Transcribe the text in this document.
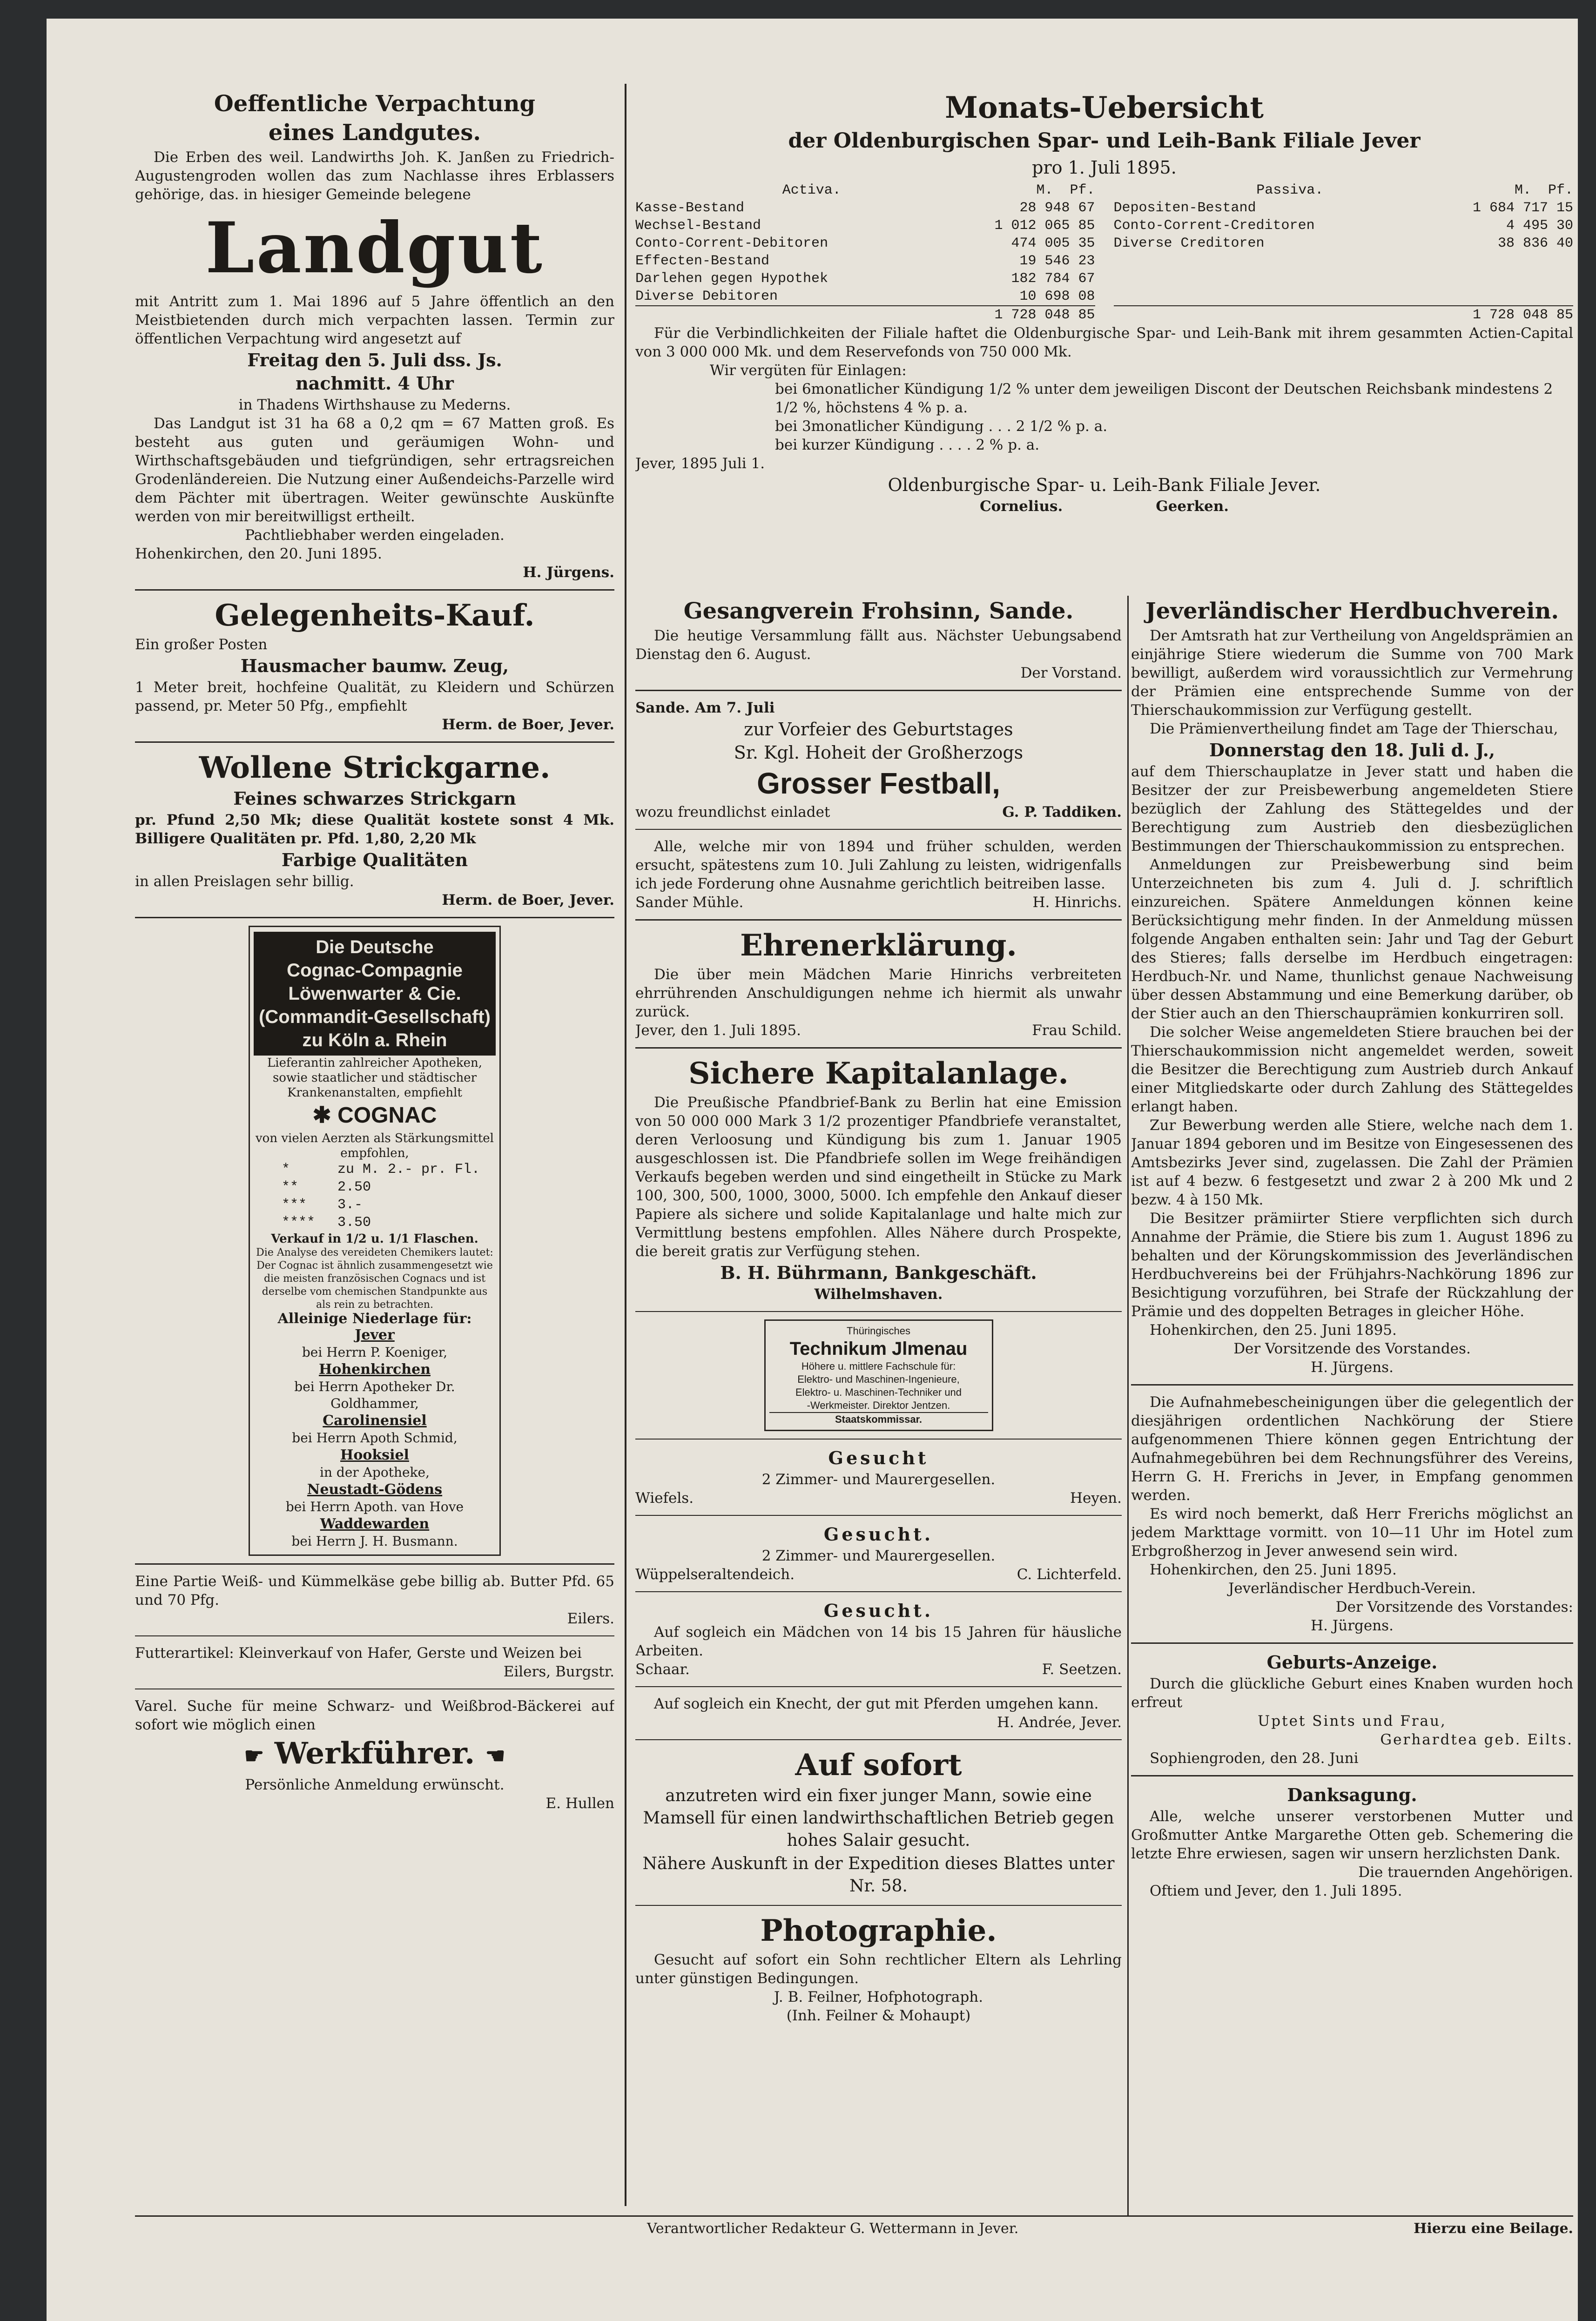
Oeffentliche Verpachtung

eines Landgutes.

Die Erben des weil. Landwirths Joh. K. Janßen zu Friedrich-Augustengroden wollen das zum Nachlasse ihres Erblassers gehörige, das. in hiesiger Gemeinde belegene

Landgut

mit Antritt zum 1. Mai 1896 auf 5 Jahre öffentlich an den Meistbietenden durch mich verpachten lassen. Termin zur öffentlichen Verpachtung wird angesetzt auf

Freitag den 5. Juli dss. Js.

nachmitt. 4 Uhr

in Thadens Wirthshause zu Mederns.

Das Landgut ist 31 ha 68 a 0,2 qm = 67 Matten groß. Es besteht aus guten und geräumigen Wohn- und Wirthschaftsgebäuden und tiefgründigen, sehr ertragsreichen Grodenländereien. Die Nutzung einer Außendeichs-Parzelle wird dem Pächter mit übertragen. Weiter gewünschte Auskünfte werden von mir bereitwilligst ertheilt.

Pachtliebhaber werden eingeladen.

Hohenkirchen, den 20. Juni 1895.

H. Jürgens.

Gelegenheits-Kauf.

Ein großer Posten

Hausmacher baumw. Zeug,

1 Meter breit, hochfeine Qualität, zu Kleidern und Schürzen passend, pr. Meter 50 Pfg., empfiehlt

Herm. de Boer, Jever.

Wollene Strickgarne.

Feines schwarzes Strickgarn

pr. Pfund 2,50 Mk; diese Qualität kostete sonst 4 Mk. Billigere Qualitäten pr. Pfd. 1,80, 2,20 Mk

Farbige Qualitäten

in allen Preislagen sehr billig.

Herm. de Boer, Jever.

Die Deutsche
Cognac-Compagnie
Löwenwarter & Cie.
(Commandit-Gesellschaft)
zu Köln a. Rhein

Lieferantin zahlreicher Apotheken, sowie staatlicher und städtischer Krankenanstalten, empfiehlt

✱ COGNAC

von vielen Aerzten als Stärkungsmittel empfohlen,

*	zu M. 2.- pr. Fl.
**	2.50
*** 3.-
**** 3.50

Verkauf in 1/2 u. 1/1 Flaschen.

Die Analyse des vereideten Chemikers lautet: Der Cognac ist ähnlich zusammengesetzt wie die meisten französischen Cognacs und ist derselbe vom chemischen Standpunkte aus als rein zu betrachten.

Alleinige Niederlage für:

Jever

bei Herrn P. Koeniger,

Hohenkirchen

bei Herrn Apotheker Dr. Goldhammer,

Carolinensiel

bei Herrn Apoth Schmid,

Hooksiel

in der Apotheke,

Neustadt-Gödens

bei Herrn Apoth. van Hove

Waddewarden

bei Herrn J. H. Busmann.

Eine Partie Weiß- und Kümmelkäse gebe billig ab. Butter Pfd. 65 und 70 Pfg.

Eilers.

Futterartikel: Kleinverkauf von Hafer, Gerste und Weizen bei

Eilers, Burgstr.

Varel. Suche für meine Schwarz- und Weißbrod-Bäckerei auf sofort wie möglich einen

☛ Werkführer. ☚

Persönliche Anmeldung erwünscht.

E. Hullen

Monats-Uebersicht

der Oldenburgischen Spar- und Leih-Bank Filiale Jever

pro 1. Juli 1895.

Activa.	M. Pf.
Kasse-Bestand	28 948 67
Wechsel-Bestand	1 012 065 85
Conto-Corrent-Debitoren	474 005 35
Effecten-Bestand	19 546 23
Darlehen gegen Hypothek	182 784 67
Diverse Debitoren	10 698 08
1 728 048 85
Passiva.	M. Pf.
Depositen-Bestand	1 684 717 15
Conto-Corrent-Creditoren	4 495 30
Diverse Creditoren	38 836 40
1 728 048 85

Für die Verbindlichkeiten der Filiale haftet die Oldenburgische Spar- und Leih-Bank mit ihrem gesammten Actien-Capital von 3 000 000 Mk. und dem Reservefonds von 750 000 Mk.

Wir vergüten für Einlagen:

bei 6monatlicher Kündigung 1/2 % unter dem jeweiligen Discont der Deutschen Reichsbank mindestens 2 1/2 %, höchstens 4 % p. a.

bei 3monatlicher Kündigung . . . 2 1/2 % p. a.

bei kurzer Kündigung . . . . 2 % p. a.

Jever, 1895 Juli 1.

Oldenburgische Spar- u. Leih-Bank Filiale Jever.

Cornelius.	Geerken.

Gesangverein Frohsinn, Sande.

Die heutige Versammlung fällt aus. Nächster Uebungsabend Dienstag den 6. August.

Der Vorstand.

Sande. Am 7. Juli

zur Vorfeier des Geburtstages

Sr. Kgl. Hoheit der Großherzogs

Grosser Festball,

wozu freundlichst einladet	G. P. Taddiken.

Alle, welche mir von 1894 und früher schulden, werden ersucht, spätestens zum 10. Juli Zahlung zu leisten, widrigenfalls ich jede Forderung ohne Ausnahme gerichtlich beitreiben lasse.

Sander Mühle.	H. Hinrichs.

Ehrenerklärung.

Die über mein Mädchen Marie Hinrichs verbreiteten ehrrührenden Anschuldigungen nehme ich hiermit als unwahr zurück.

Jever, den 1. Juli 1895.	Frau Schild.

Sichere Kapitalanlage.

Die Preußische Pfandbrief-Bank zu Berlin hat eine Emission von 50 000 000 Mark 3 1/2 prozentiger Pfandbriefe veranstaltet, deren Verloosung und Kündigung bis zum 1. Januar 1905 ausgeschlossen ist. Die Pfandbriefe sollen im Wege freihändigen Verkaufs begeben werden und sind eingetheilt in Stücke zu Mark 100, 300, 500, 1000, 3000, 5000. Ich empfehle den Ankauf dieser Papiere als sichere und solide Kapitalanlage und halte mich zur Vermittlung bestens empfohlen. Alles Nähere durch Prospekte, die bereit gratis zur Verfügung stehen.

B. H. Bührmann, Bankgeschäft.

Wilhelmshaven.

Thüringisches

Technikum Jlmenau

Höhere u. mittlere Fachschule für:

Elektro- und Maschinen-Ingenieure,

Elektro- u. Maschinen-Techniker und

-Werkmeister. Direktor Jentzen.

Staatskommissar.

Gesucht

2 Zimmer- und Maurergesellen.

Wiefels.	Heyen.

Gesucht.

2 Zimmer- und Maurergesellen.

Wüppelseraltendeich.	C. Lichterfeld.

Gesucht.

Auf sogleich ein Mädchen von 14 bis 15 Jahren für häusliche Arbeiten.

Schaar.	F. Seetzen.

Auf sogleich ein Knecht, der gut mit Pferden umgehen kann.

H. Andrée, Jever.

Auf sofort

anzutreten wird ein fixer junger Mann, sowie eine Mamsell für einen landwirthschaftlichen Betrieb gegen hohes Salair gesucht.

Nähere Auskunft in der Expedition dieses Blattes unter Nr. 58.

Photographie.

Gesucht auf sofort ein Sohn rechtlicher Eltern als Lehrling unter günstigen Bedingungen.

J. B. Feilner, Hofphotograph.

(Inh. Feilner & Mohaupt)

Jeverländischer Herdbuchverein.

Der Amtsrath hat zur Vertheilung von Angeldsprämien an einjährige Stiere wiederum die Summe von 700 Mark bewilligt, außerdem wird voraussichtlich zur Vermehrung der Prämien eine entsprechende Summe von der Thierschaukommission zur Verfügung gestellt.

Die Prämienvertheilung findet am Tage der Thierschau,

Donnerstag den 18. Juli d. J.,

auf dem Thierschauplatze in Jever statt und haben die Besitzer der zur Preisbewerbung angemeldeten Stiere bezüglich der Zahlung des Stättegeldes und der Berechtigung zum Austrieb den diesbezüglichen Bestimmungen der Thierschaukommission zu entsprechen.

Anmeldungen zur Preisbewerbung sind beim Unterzeichneten bis zum 4. Juli d. J. schriftlich einzureichen. Spätere Anmeldungen können keine Berücksichtigung mehr finden. In der Anmeldung müssen folgende Angaben enthalten sein: Jahr und Tag der Geburt des Stieres; falls derselbe im Herdbuch eingetragen: Herdbuch-Nr. und Name, thunlichst genaue Nachweisung über dessen Abstammung und eine Bemerkung darüber, ob der Stier auch an den Thierschauprämien konkurriren soll.

Die solcher Weise angemeldeten Stiere brauchen bei der Thierschaukommission nicht angemeldet werden, soweit die Besitzer die Berechtigung zum Austrieb durch Ankauf einer Mitgliedskarte oder durch Zahlung des Stättegeldes erlangt haben.

Zur Bewerbung werden alle Stiere, welche nach dem 1. Januar 1894 geboren und im Besitze von Eingesessenen des Amtsbezirks Jever sind, zugelassen. Die Zahl der Prämien ist auf 4 bezw. 6 festgesetzt und zwar 2 à 200 Mk und 2 bezw. 4 à 150 Mk.

Die Besitzer prämiirter Stiere verpflichten sich durch Annahme der Prämie, die Stiere bis zum 1. August 1896 zu behalten und der Körungskommission des Jeverländischen Herdbuchvereins bei der Frühjahrs-Nachkörung 1896 zur Besichtigung vorzuführen, bei Strafe der Rückzahlung der Prämie und des doppelten Betrages in gleicher Höhe.

Hohenkirchen, den 25. Juni 1895.

Der Vorsitzende des Vorstandes.

H. Jürgens.

Die Aufnahmebescheinigungen über die gelegentlich der diesjährigen ordentlichen Nachkörung der Stiere aufgenommenen Thiere können gegen Entrichtung der Aufnahmegebühren bei dem Rechnungsführer des Vereins, Herrn G. H. Frerichs in Jever, in Empfang genommen werden.

Es wird noch bemerkt, daß Herr Frerichs möglichst an jedem Markttage vormitt. von 10—11 Uhr im Hotel zum Erbgroßherzog in Jever anwesend sein wird.

Hohenkirchen, den 25. Juni 1895.

Jeverländischer Herdbuch-Verein.

Der Vorsitzende des Vorstandes:

H. Jürgens.

Geburts-Anzeige.

Durch die glückliche Geburt eines Knaben wurden hoch erfreut

Uptet Sints und Frau,

Gerhardtea geb. Eilts.

Sophiengroden, den 28. Juni

Danksagung.

Alle, welche unserer verstorbenen Mutter und Großmutter Antke Margarethe Otten geb. Schemering die letzte Ehre erwiesen, sagen wir unsern herzlichsten Dank.

Die trauernden Angehörigen.

Oftiem und Jever, den 1. Juli 1895.

Verantwortlicher Redakteur G. Wettermann in Jever.	Hierzu eine Beilage.
